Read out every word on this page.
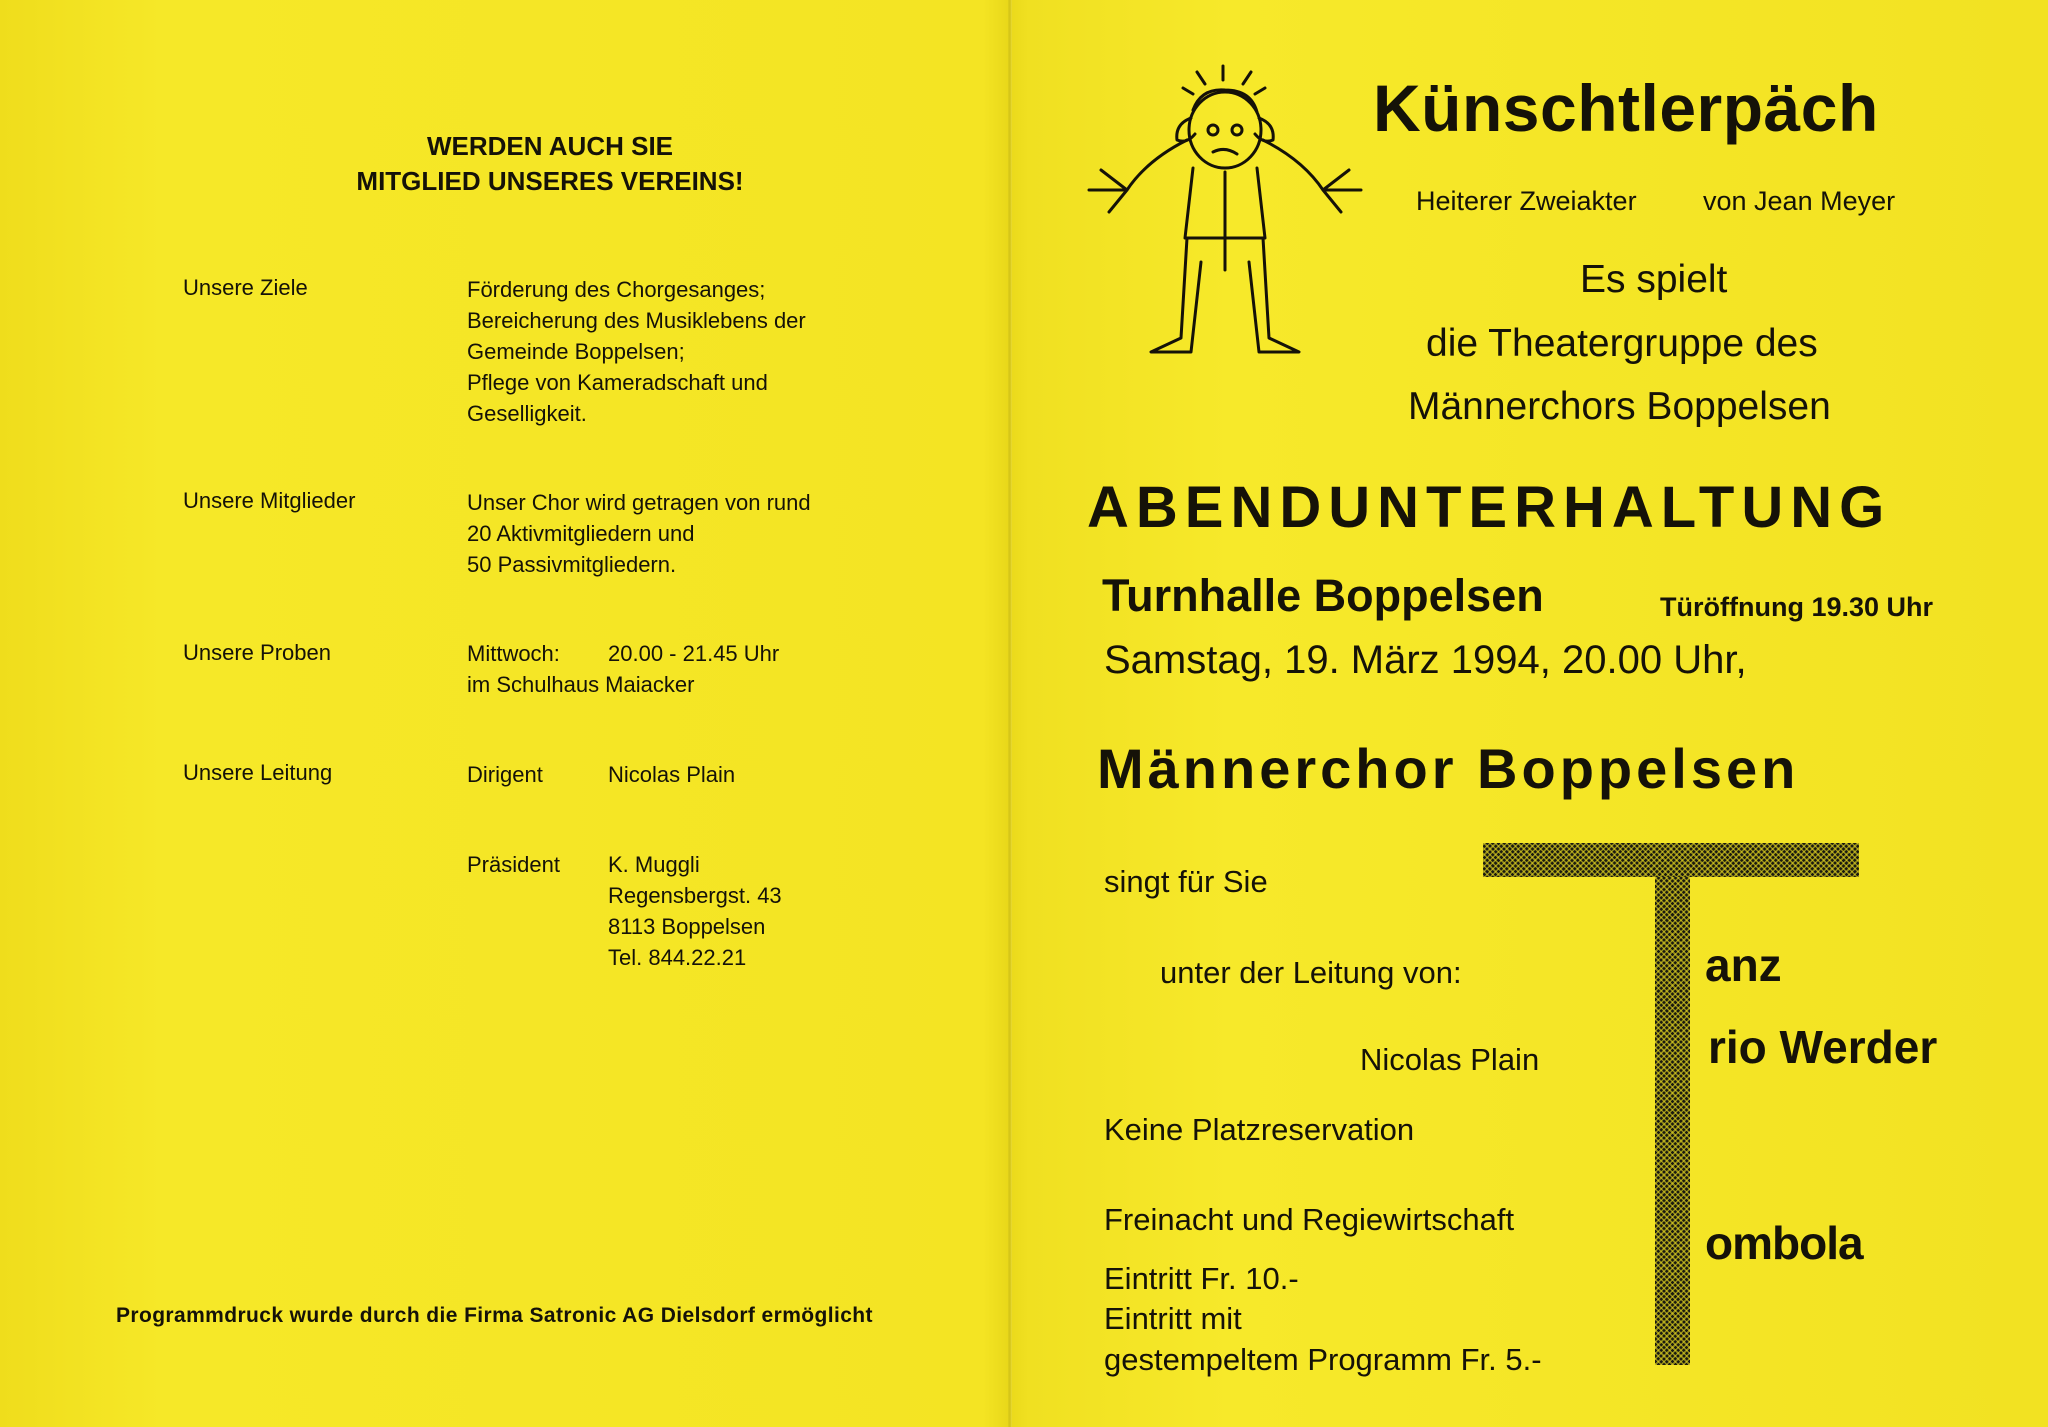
WERDEN AUCH SIE
MITGLIED UNSERES VEREINS!
Unsere Ziele	Förderung des Chorgesanges;
Bereicherung des Musiklebens der
Gemeinde Boppelsen;
Pflege von Kameradschaft und
Geselligkeit.
Unsere Mitglieder	Unser Chor wird getragen von rund
20 Aktivmitgliedern und
50 Passivmitgliedern.
Unsere Proben	Mittwoch: 20.00 - 21.45 Uhr
im Schulhaus Maiacker
Unsere Leitung	Dirigent	Nicolas Plain
Präsident K. Muggli
Regensbergst. 43
8113 Boppelsen
Tel. 844.22.21
Programmdruck wurde durch die Firma Satronic AG Dielsdorf ermöglicht
Künschtlerpäch
Heiterer Zweiakter von Jean Meyer
Es spielt
die Theatergruppe des
Männerchors Boppelsen
ABENDUNTERHALTUNG
Turnhalle Boppelsen	Türöffnung 19.30 Uhr
Samstag, 19. März 1994, 20.00 Uhr,
Männerchor Boppelsen
singt für Sie
unter der Leitung von:
Nicolas Plain
Keine Platzreservation
Freinacht und Regiewirtschaft
Eintritt Fr. 10.-
Eintritt mit
gestempeltem Programm Fr. 5.-
anz
rio Werder
ombola
